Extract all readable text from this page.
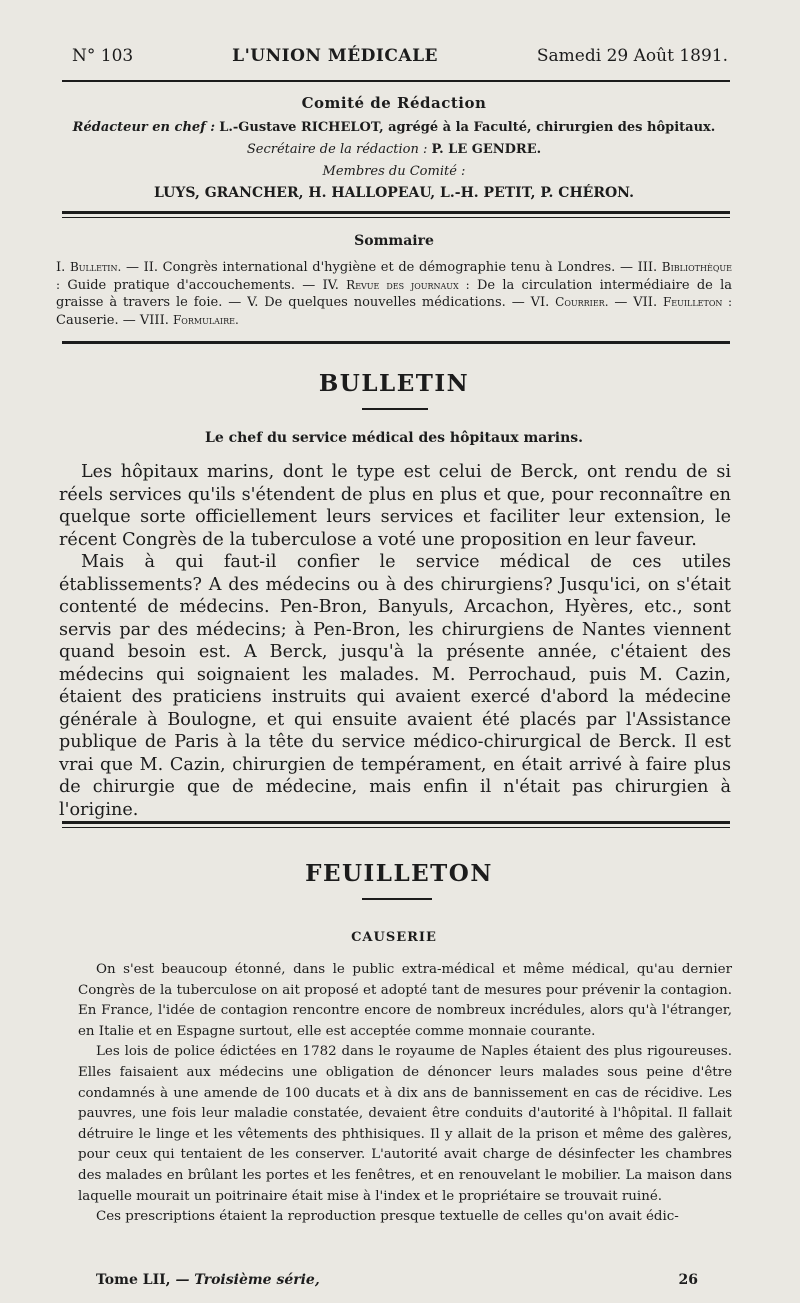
N° 103	L'UNION MÉDICALE	Samedi 29 Août 1891.
Comité de Rédaction
Rédacteur en chef : L.-Gustave RICHELOT, agrégé à la Faculté, chirurgien des hôpitaux.
Secrétaire de la rédaction : P. LE GENDRE.
Membres du Comité :
LUYS, GRANCHER, H. HALLOPEAU, L.-H. PETIT, P. CHÉRON.
Sommaire
I. Bulletin. — II. Congrès international d'hygiène et de démographie tenu à Londres. — III. Bibliothèque : Guide pratique d'accouchements. — IV. Revue des journaux : De la circulation intermédiaire de la graisse à travers le foie. — V. De quelques nouvelles médications. — VI. Courrier. — VII. Feuilleton : Causerie. — VIII. Formulaire.
BULLETIN
Le chef du service médical des hôpitaux marins.

Les hôpitaux marins, dont le type est celui de Berck, ont rendu de si réels services qu'ils s'étendent de plus en plus et que, pour reconnaître en quelque sorte officiellement leurs services et faciliter leur extension, le récent Congrès de la tuberculose a voté une proposition en leur faveur.

Mais à qui faut-il confier le service médical de ces utiles établissements? A des médecins ou à des chirurgiens? Jusqu'ici, on s'était contenté de médecins. Pen-Bron, Banyuls, Arcachon, Hyères, etc., sont servis par des médecins; à Pen-Bron, les chirurgiens de Nantes viennent quand besoin est. A Berck, jusqu'à la présente année, c'étaient des médecins qui soignaient les malades. M. Perrochaud, puis M. Cazin, étaient des praticiens instruits qui avaient exercé d'abord la médecine générale à Boulogne, et qui ensuite avaient été placés par l'Assistance publique de Paris à la tête du service médico-chirurgical de Berck. Il est vrai que M. Cazin, chirurgien de tempérament, en était arrivé à faire plus de chirurgie que de médecine, mais enfin il n'était pas chirurgien à l'origine.

FEUILLETON
CAUSERIE

On s'est beaucoup étonné, dans le public extra-médical et même médical, qu'au dernier Congrès de la tuberculose on ait proposé et adopté tant de mesures pour prévenir la contagion. En France, l'idée de contagion rencontre encore de nombreux incrédules, alors qu'à l'étranger, en Italie et en Espagne surtout, elle est acceptée comme monnaie courante.

Les lois de police édictées en 1782 dans le royaume de Naples étaient des plus rigoureuses. Elles faisaient aux médecins une obligation de dénoncer leurs malades sous peine d'être condamnés à une amende de 100 ducats et à dix ans de bannissement en cas de récidive. Les pauvres, une fois leur maladie constatée, devaient être conduits d'autorité à l'hôpital. Il fallait détruire le linge et les vêtements des phthisiques. Il y allait de la prison et même des galères, pour ceux qui tentaient de les conserver. L'autorité avait charge de désinfecter les chambres des malades en brûlant les portes et les fenêtres, et en renouvelant le mobilier. La maison dans laquelle mourait un poitrinaire était mise à l'index et le propriétaire se trouvait ruiné.

Ces prescriptions étaient la reproduction presque textuelle de celles qu'on avait édic-

Tome LII, — Troisième série,	26
